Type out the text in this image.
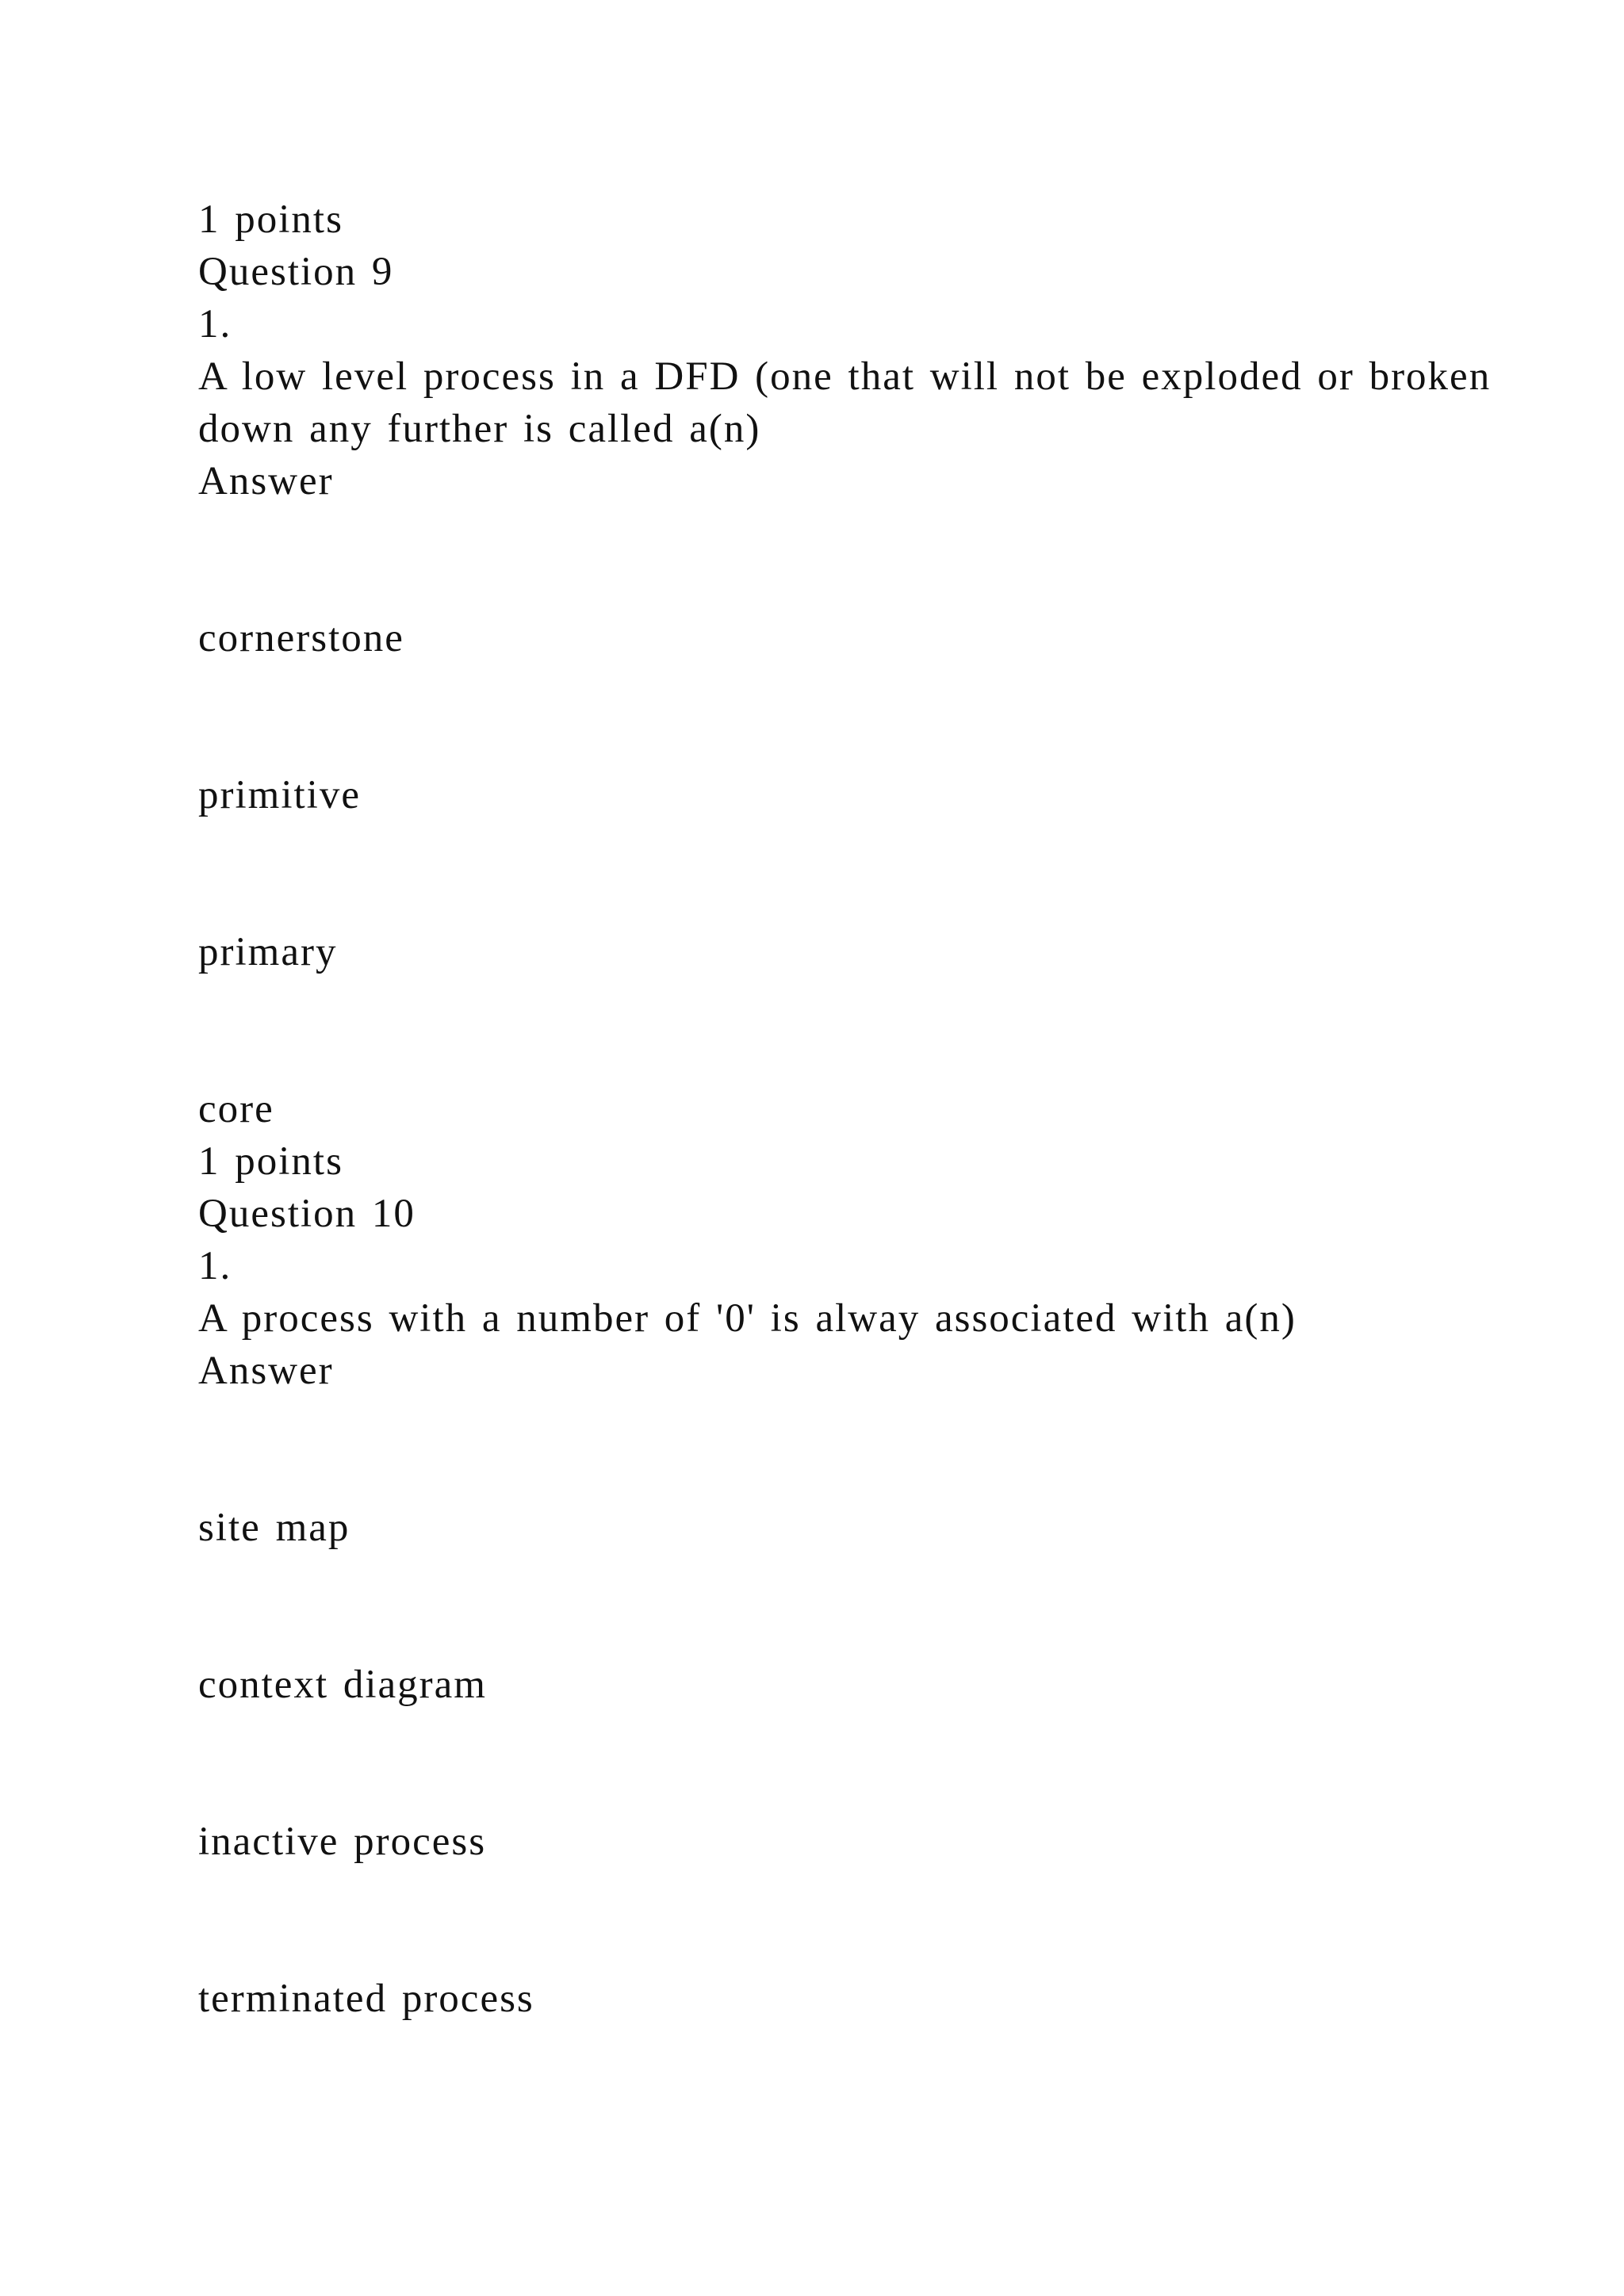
1 points
Question 9
1.
A low level process in a DFD (one that will not be exploded or broken down any further is called a(n)
Answer
cornerstone
primitive
primary
core
1 points
Question 10
1.
A process with a number of '0' is alway associated with a(n)
Answer
site map
context diagram
inactive process
terminated process
